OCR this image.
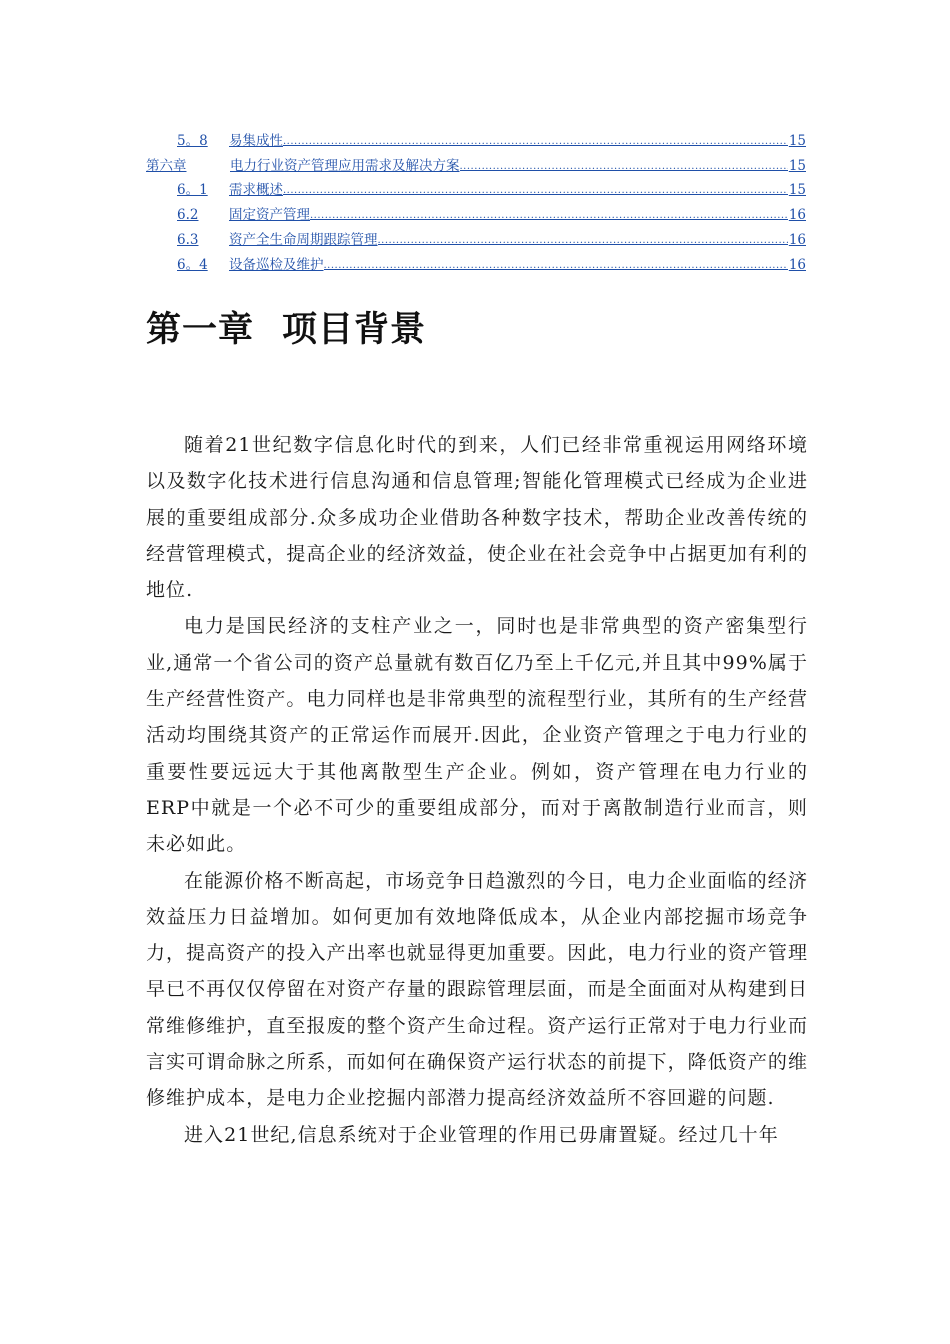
5。8	易集成性 .....	15
第六章	电力行业资产管理应用需求及解决方案 .....	15
6。1	需求概述 .....	15
6.2	固定资产管理 .....	16
6.3	资产全生命周期跟踪管理 .....	16
6。4	设备巡检及维护 .....	16
第一章 项目背景

随着21世纪数字信息化时代的到来，人们已经非常重视运用网络环境以及数字化技术进行信息沟通和信息管理;智能化管理模式已经成为企业进展的重要组成部分.众多成功企业借助各种数字技术，帮助企业改善传统的经营管理模式，提高企业的经济效益，使企业在社会竞争中占据更加有利的地位.

电力是国民经济的支柱产业之一，同时也是非常典型的资产密集型行业,通常一个省公司的资产总量就有数百亿乃至上千亿元,并且其中99%属于生产经营性资产。电力同样也是非常典型的流程型行业，其所有的生产经营活动均围绕其资产的正常运作而展开.因此，企业资产管理之于电力行业的重要性要远远大于其他离散型生产企业。例如，资产管理在电力行业的ERP中就是一个必不可少的重要组成部分，而对于离散制造行业而言，则未必如此。

在能源价格不断高起，市场竞争日趋激烈的今日，电力企业面临的经济效益压力日益增加。如何更加有效地降低成本，从企业内部挖掘市场竞争力，提高资产的投入产出率也就显得更加重要。因此，电力行业的资产管理早已不再仅仅停留在对资产存量的跟踪管理层面，而是全面面对从构建到日常维修维护，直至报废的整个资产生命过程。资产运行正常对于电力行业而言实可谓命脉之所系，而如何在确保资产运行状态的前提下，降低资产的维修维护成本，是电力企业挖掘内部潜力提高经济效益所不容回避的问题.

进入21世纪,信息系统对于企业管理的作用已毋庸置疑。经过几十年
